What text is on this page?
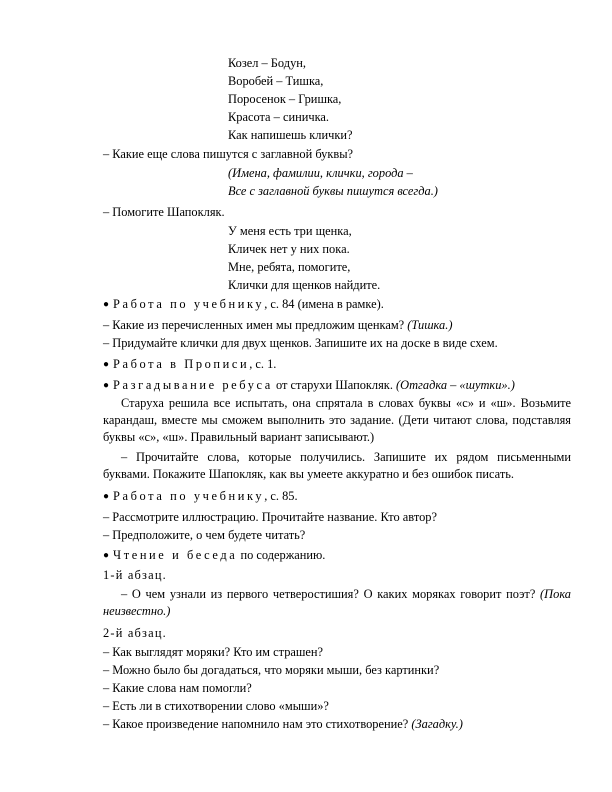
Козел – Бодун,
Воробей – Тишка,
Поросенок – Гришка,
Красота – синичка.
Как напишешь клички?
– Какие еще слова пишутся с заглавной буквы?
(Имена, фамилии, клички, города –
Все с заглавной буквы пишутся всегда.)
– Помогите Шапокляк.
У меня есть три щенка,
Кличек нет у них пока.
Мне, ребята, помогите,
Клички для щенков найдите.
● Работа по учебнику, с. 84 (имена в рамке).
– Какие из перечисленных имен мы предложим щенкам? (Тишка.)
– Придумайте клички для двух щенков. Запишите их на доске в виде схем.
● Работа в Прописи, с. 1.
● Разгадывание ребуса от старухи Шапокляк. (Отгадка – «шутки».)
Старуха решила все испытать, она спрятала в словах буквы «с» и «ш». Возьмите карандаш, вместе мы сможем выполнить это задание. (Дети читают слова, подставляя буквы «с», «ш». Правильный вариант записывают.)
– Прочитайте слова, которые получились. Запишите их рядом письменными буквами. Покажите Шапокляк, как вы умеете аккуратно и без ошибок писать.
● Работа по учебнику, с. 85.
– Рассмотрите иллюстрацию. Прочитайте название. Кто автор?
– Предположите, о чем будете читать?
● Чтение и беседа по содержанию.
1-й абзац.
– О чем узнали из первого четверостишия? О каких моряках говорит поэт? (Пока неизвестно.)
2-й абзац.
– Как выглядят моряки? Кто им страшен?
– Можно было бы догадаться, что моряки мыши, без картинки?
– Какие слова нам помогли?
– Есть ли в стихотворении слово «мыши»?
– Какое произведение напомнило нам это стихотворение? (Загадку.)
